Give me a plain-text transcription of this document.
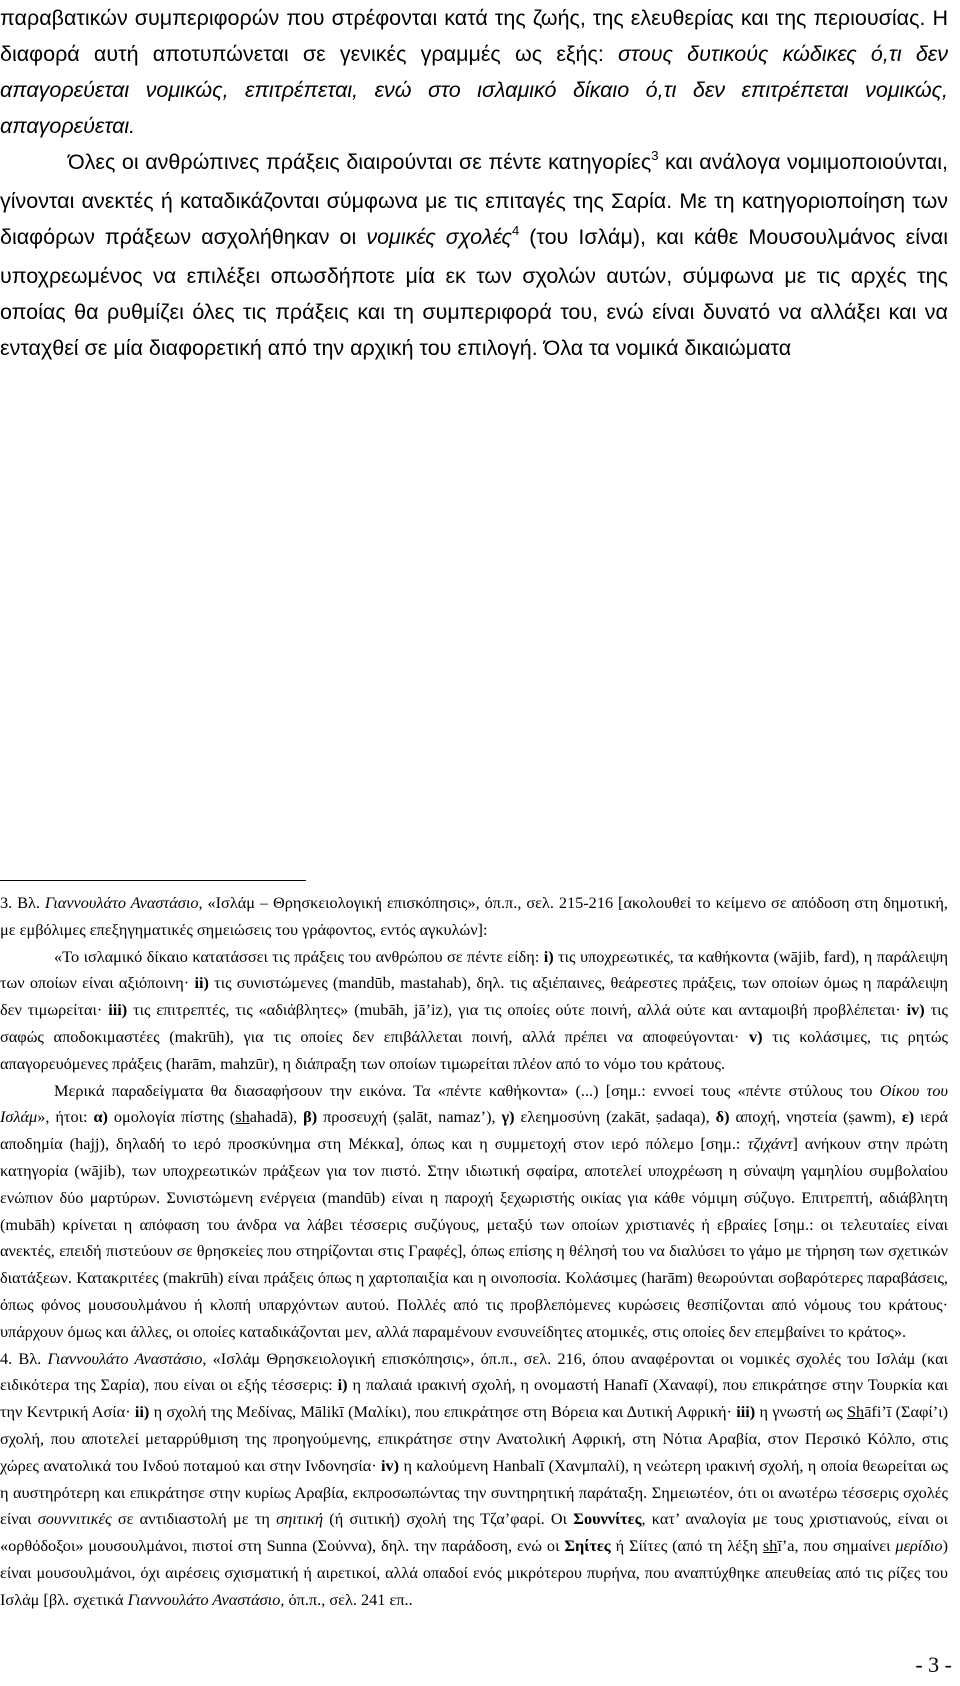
παραβατικών συμπεριφορών που στρέφονται κατά της ζωής, της ελευθερίας και της περιουσίας. Η διαφορά αυτή αποτυπώνεται σε γενικές γραμμές ως εξής: στους δυτικούς κώδικες ό,τι δεν απαγορεύεται νομικώς, επιτρέπεται, ενώ στο ισλαμικό δίκαιο ό,τι δεν επιτρέπεται νομικώς, απαγορεύεται.

Όλες οι ανθρώπινες πράξεις διαιρούνται σε πέντε κατηγορίες$^3$ και ανάλογα νομιμοποιούνται, γίνονται ανεκτές ή καταδικάζονται σύμφωνα με τις επιταγές της Σαρία. Με τη κατηγοριοποίηση των διαφόρων πράξεων ασχολήθηκαν οι νομικές σχολές$^4$ (του Ισλάμ), και κάθε Μουσουλμάνος είναι υποχρεωμένος να επιλέξει οπωσδήποτε μία εκ των σχολών αυτών, σύμφωνα με τις αρχές της οποίας θα ρυθμίζει όλες τις πράξεις και τη συμπεριφορά του, ενώ είναι δυνατό να αλλάξει και να ενταχθεί σε μία διαφορετική από την αρχική του επιλογή. Όλα τα νομικά δικαιώματα

3. Βλ. Γιαννουλάτο Αναστάσιο, «Ισλάμ – Θρησκειολογική επισκόπησις», όπ.π., σελ. 215-216 [ακολουθεί το κείμενο σε απόδοση στη δημοτική, με εμβόλιμες επεξηγηματικές σημειώσεις του γράφοντος, εντός αγκυλών]:

«Το ισλαμικό δίκαιο κατατάσσει τις πράξεις του ανθρώπου σε πέντε είδη: i) τις υποχρεωτικές, τα καθήκοντα (wājib, fard), η παράλειψη των οποίων είναι αξιόποινη· ii) τις συνιστώμενες (mandūb, mastahab), δηλ. τις αξιέπαινες, θεάρεστες πράξεις, των οποίων όμως η παράλειψη δεν τιμωρείται· iii) τις επιτρεπτές, τις «αδιάβλητες» (mubāh, jā’iz), για τις οποίες ούτε ποινή, αλλά ούτε και ανταμοιβή προβλέπεται· iv) τις σαφώς αποδοκιμαστέες (makrūh), για τις οποίες δεν επιβάλλεται ποινή, αλλά πρέπει να αποφεύγονται· v) τις κολάσιμες, τις ρητώς απαγορευόμενες πράξεις (harām, mahzūr), η διάπραξη των οποίων τιμωρείται πλέον από το νόμο του κράτους.

Μερικά παραδείγματα θα διασαφήσουν την εικόνα. Τα «πέντε καθήκοντα» (...) [σημ.: εννοεί τους «πέντε στύλους του Οίκου του Ισλάμ», ήτοι: α) ομολογία πίστης (shahadā), β) προσευχή (ṣalāt, namaz’), γ) ελεημοσύνη (zakāt, ṣadaqa), δ) αποχή, νηστεία (ṣawm), ε) ιερά αποδημία (hajj), δηλαδή το ιερό προσκύνημα στη Μέκκα], όπως και η συμμετοχή στον ιερό πόλεμο [σημ.: τζιχάντ] ανήκουν στην πρώτη κατηγορία (wājib), των υποχρεωτικών πράξεων για τον πιστό. Στην ιδιωτική σφαίρα, αποτελεί υποχρέωση η σύναψη γαμηλίου συμβολαίου ενώπιον δύο μαρτύρων. Συνιστώμενη ενέργεια (mandūb) είναι η παροχή ξεχωριστής οικίας για κάθε νόμιμη σύζυγο. Επιτρεπτή, αδιάβλητη (mubāh) κρίνεται η απόφαση του άνδρα να λάβει τέσσερις συζύγους, μεταξύ των οποίων χριστιανές ή εβραίες [σημ.: οι τελευταίες είναι ανεκτές, επειδή πιστεύουν σε θρησκείες που στηρίζονται στις Γραφές], όπως επίσης η θέλησή του να διαλύσει το γάμο με τήρηση των σχετικών διατάξεων. Κατακριτέες (makrūh) είναι πράξεις όπως η χαρτοπαιξία και η οινοποσία. Κολάσιμες (harām) θεωρούνται σοβαρότερες παραβάσεις, όπως φόνος μουσουλμάνου ή κλοπή υπαρχόντων αυτού. Πολλές από τις προβλεπόμενες κυρώσεις θεσπίζονται από νόμους του κράτους· υπάρχουν όμως και άλλες, οι οποίες καταδικάζονται μεν, αλλά παραμένουν ενσυνείδητες ατομικές, στις οποίες δεν επεμβαίνει το κράτος».

4. Βλ. Γιαννουλάτο Αναστάσιο, «Ισλάμ Θρησκειολογική επισκόπησις», όπ.π., σελ. 216, όπου αναφέρονται οι νομικές σχολές του Ισλάμ (και ειδικότερα της Σαρία), που είναι οι εξής τέσσερις: i) η παλαιά ιρακινή σχολή, η ονομαστή Hanafī (Χαναφί), που επικράτησε στην Τουρκία και την Κεντρική Ασία· ii) η σχολή της Μεδίνας, Mālikī (Μαλίκι), που επικράτησε στη Βόρεια και Δυτική Αφρική· iii) η γνωστή ως Shāfi’ī (Σαφί’ι) σχολή, που αποτελεί μεταρρύθμιση της προηγούμενης, επικράτησε στην Ανατολική Αφρική, στη Νότια Αραβία, στον Περσικό Κόλπο, στις χώρες ανατολικά του Ινδού ποταμού και στην Ινδονησία· iv) η καλούμενη Hanbalī (Χανμπαλί), η νεώτερη ιρακινή σχολή, η οποία θεωρείται ως η αυστηρότερη και επικράτησε στην κυρίως Αραβία, εκπροσωπώντας την συντηρητική παράταξη. Σημειωτέον, ότι οι ανωτέρω τέσσερις σχολές είναι σουννιτικές σε αντιδιαστολή με τη σηιτική (ή σιιτική) σχολή της Τζα’φαρί. Οι Σουννίτες, κατ’ αναλογία με τους χριστιανούς, είναι οι «ορθόδοξοι» μουσουλμάνοι, πιστοί στη Sunna (Σούννα), δηλ. την παράδοση, ενώ οι Σηίτες ή Σίίτες (από τη λέξη shī’a, που σημαίνει μερίδιο) είναι μουσουλμάνοι, όχι αιρέσεις σχισματική ή αιρετικοί, αλλά οπαδοί ενός μικρότερου πυρήνα, που αναπτύχθηκε απευθείας από τις ρίζες του Ισλάμ [βλ. σχετικά Γιαννουλάτο Αναστάσιο, όπ.π., σελ. 241 επ..

- 3 -
